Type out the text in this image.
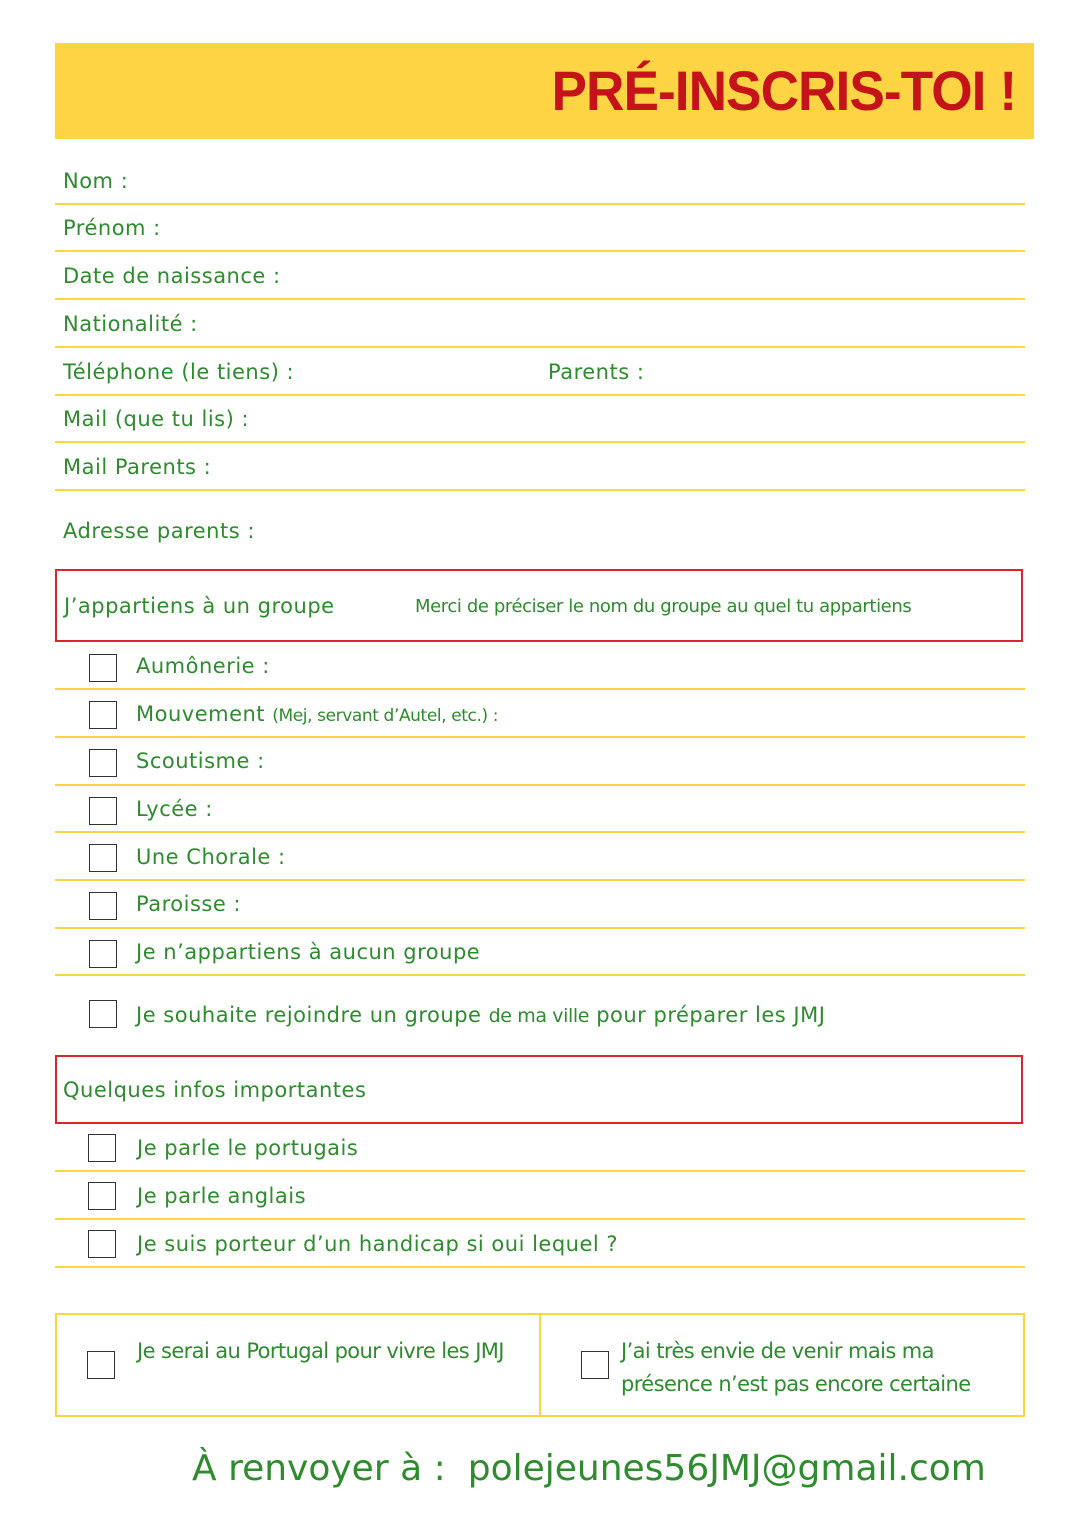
PRÉ-INSCRIS-TOI !
Nom :
Prénom :
Date de naissance :
Nationalité :
Téléphone (le tiens) :	Parents :
Mail (que tu lis) :
Mail Parents :
Adresse parents :
J’appartiens à un groupe	Merci de préciser le nom du groupe au quel tu appartiens
Aumônerie :
Mouvement (Mej, servant d’Autel, etc.) :
Scoutisme :
Lycée :
Une Chorale :
Paroisse :
Je n’appartiens à aucun groupe
Je souhaite rejoindre un groupe de ma ville pour préparer les JMJ
Quelques infos importantes
Je parle le portugais
Je parle anglais
Je suis porteur d’un handicap si oui lequel ?
Je serai au Portugal pour vivre les JMJ	J’ai très envie de venir mais ma présence n’est pas encore certaine
À renvoyer à : polejeunes56JMJ@gmail.com
